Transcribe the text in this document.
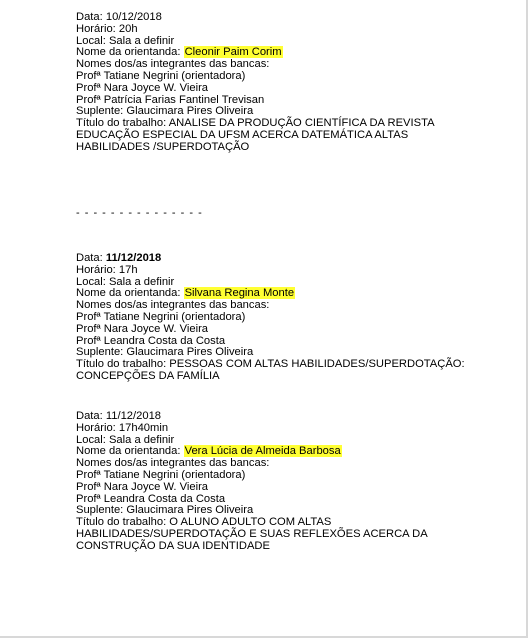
Data: 10/12/2018
Horário: 20h
Local: Sala a definir
Nome da orientanda: Cleonir Paim Corim
Nomes dos/as integrantes das bancas:
Profª Tatiane Negrini (orientadora)
Profª Nara Joyce W. Vieira
Profª Patrícia Farias Fantinel Trevisan
Suplente: Glaucimara Pires Oliveira
Título do trabalho: ANALISE DA PRODUÇÃO CIENTÍFICA DA REVISTA
EDUCAÇÃO ESPECIAL DA UFSM ACERCA DATEMÁTICA ALTAS
HABILIDADES /SUPERDOTAÇÃO
- - - - - - - - - - - - - - -
Data: 11/12/2018
Horário: 17h
Local: Sala a definir
Nome da orientanda: Silvana Regina Monte
Nomes dos/as integrantes das bancas:
Profª Tatiane Negrini (orientadora)
Profª Nara Joyce W. Vieira
Profª Leandra Costa da Costa
Suplente: Glaucimara Pires Oliveira
Título do trabalho: PESSOAS COM ALTAS HABILIDADES/SUPERDOTAÇÃO:
CONCEPÇÕES DA FAMÍLIA
Data: 11/12/2018
Horário: 17h40min
Local: Sala a definir
Nome da orientanda: Vera Lúcia de Almeida Barbosa
Nomes dos/as integrantes das bancas:
Profª Tatiane Negrini (orientadora)
Profª Nara Joyce W. Vieira
Profª Leandra Costa da Costa
Suplente: Glaucimara Pires Oliveira
Título do trabalho: O ALUNO ADULTO COM ALTAS
HABILIDADES/SUPERDOTAÇÃO E SUAS REFLEXÕES ACERCA DA
CONSTRUÇÃO DA SUA IDENTIDADE
